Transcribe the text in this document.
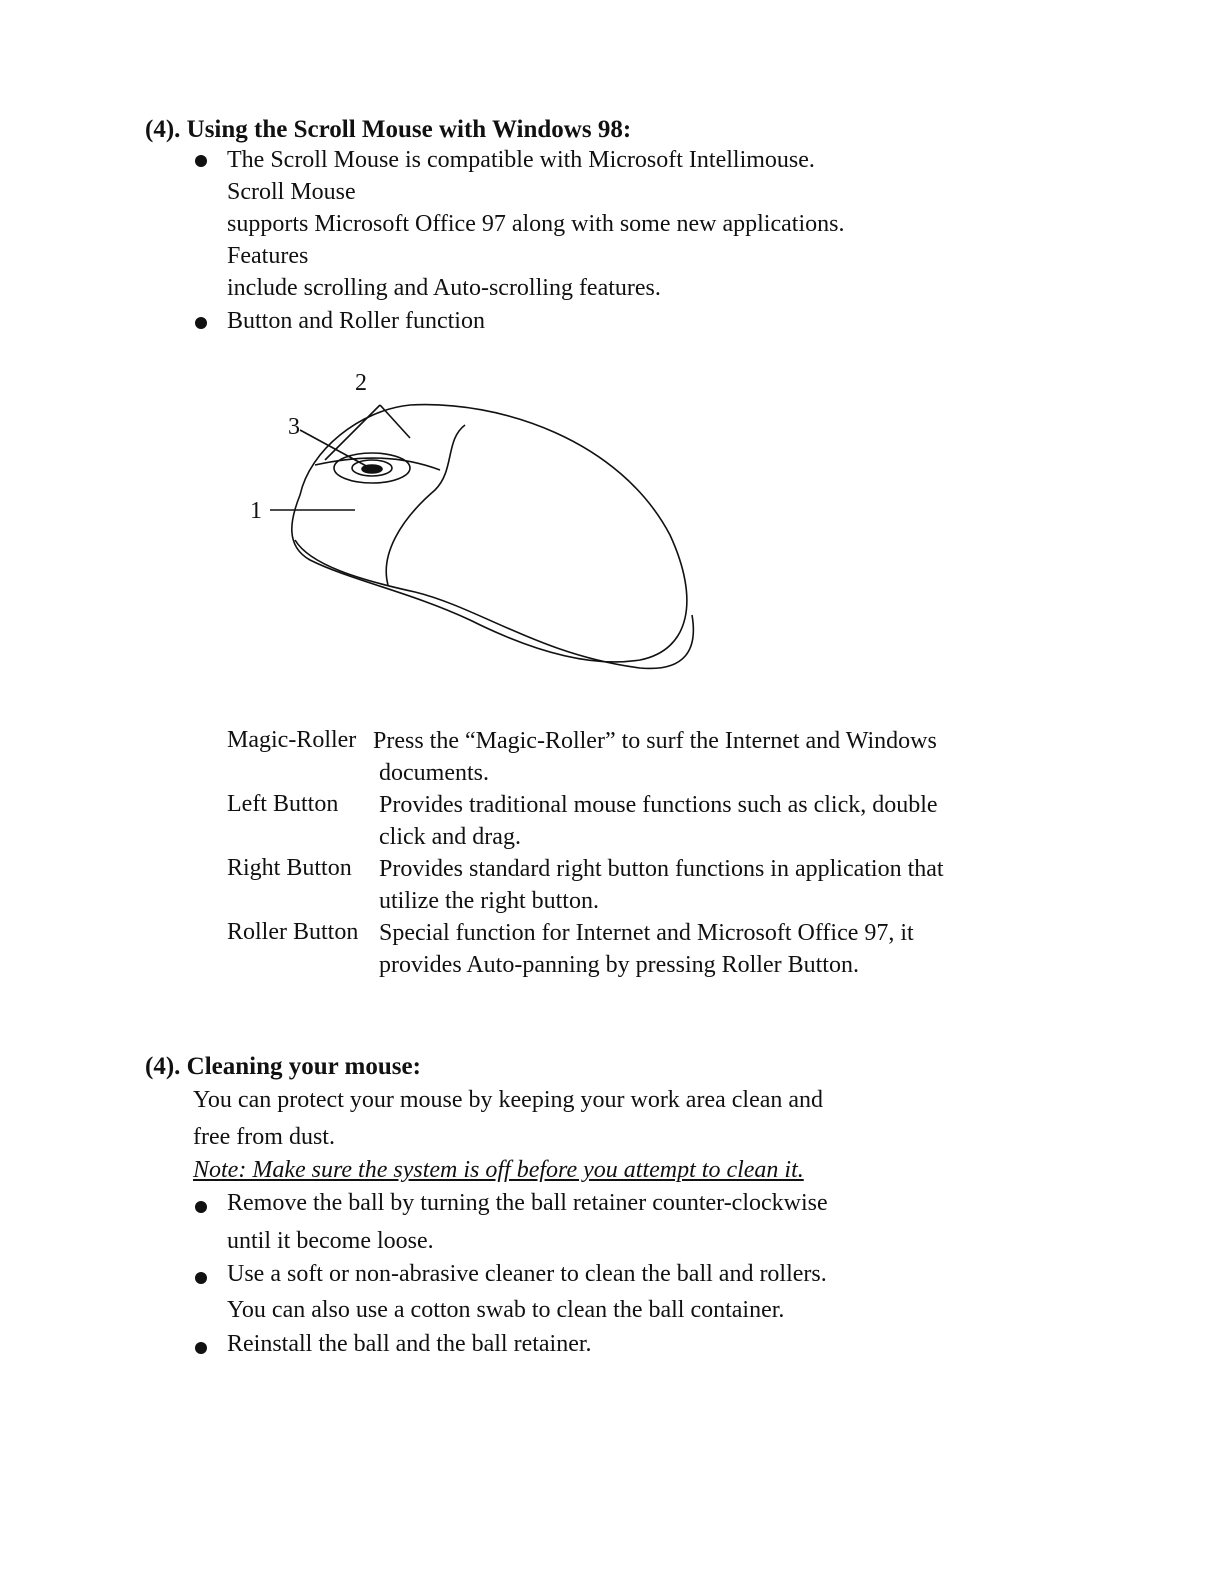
(4). Using the Scroll Mouse with Windows 98:
The Scroll Mouse is compatible with Microsoft Intellimouse.
Scroll Mouse
supports Microsoft Office 97 along with some new applications.
Features
include scrolling and Auto-scrolling features.
Button and Roller function
1
2
3
Magic-Roller Press the “Magic-Roller” to surf the Internet and Windows documents.
Left Button Provides traditional mouse functions such as click, double click and drag.
Right Button Provides standard right button functions in application that utilize the right button.
Roller Button Special function for Internet and Microsoft Office 97, it provides Auto-panning by pressing Roller Button.
(4). Cleaning your mouse:
You can protect your mouse by keeping your work area clean and
free from dust.
Note: Make sure the system is off before you attempt to clean it.
Remove the ball by turning the ball retainer counter-clockwise
until it become loose.
Use a soft or non-abrasive cleaner to clean the ball and rollers.
You can also use a cotton swab to clean the ball container.
Reinstall the ball and the ball retainer.
